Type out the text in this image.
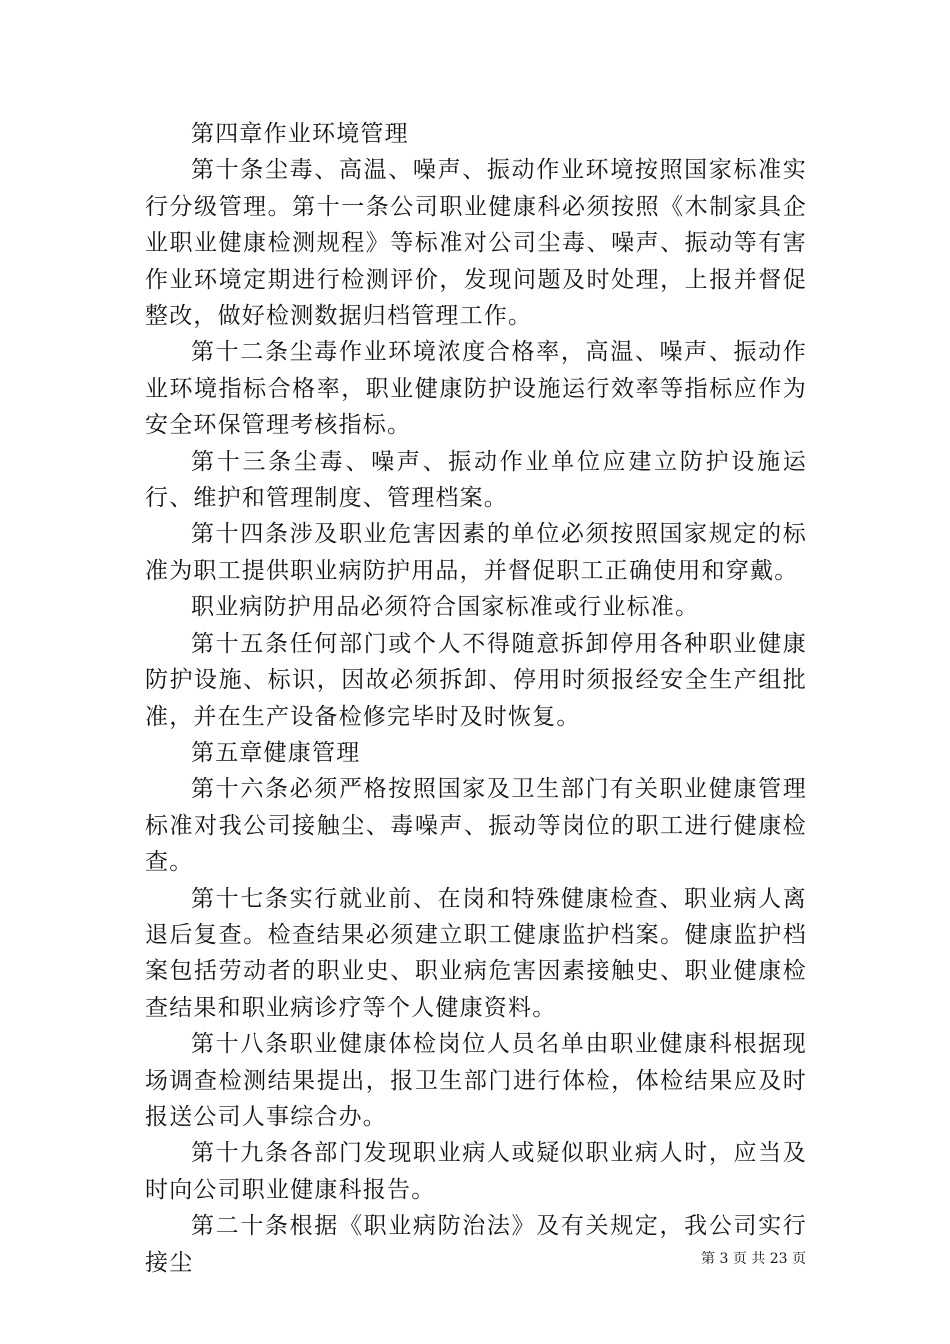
第四章作业环境管理

第十条尘毒、高温、噪声、振动作业环境按照国家标准实行分级管理。第十一条公司职业健康科必须按照《木制家具企业职业健康检测规程》等标准对公司尘毒、噪声、振动等有害作业环境定期进行检测评价，发现问题及时处理，上报并督促整改，做好检测数据归档管理工作。

第十二条尘毒作业环境浓度合格率，高温、噪声、振动作业环境指标合格率，职业健康防护设施运行效率等指标应作为安全环保管理考核指标。

第十三条尘毒、噪声、振动作业单位应建立防护设施运行、维护和管理制度、管理档案。

第十四条涉及职业危害因素的单位必须按照国家规定的标准为职工提供职业病防护用品，并督促职工正确使用和穿戴。

职业病防护用品必须符合国家标准或行业标准。

第十五条任何部门或个人不得随意拆卸停用各种职业健康防护设施、标识，因故必须拆卸、停用时须报经安全生产组批准，并在生产设备检修完毕时及时恢复。

第五章健康管理

第十六条必须严格按照国家及卫生部门有关职业健康管理标准对我公司接触尘、毒噪声、振动等岗位的职工进行健康检查。

第十七条实行就业前、在岗和特殊健康检查、职业病人离退后复查。检查结果必须建立职工健康监护档案。健康监护档案包括劳动者的职业史、职业病危害因素接触史、职业健康检查结果和职业病诊疗等个人健康资料。

第十八条职业健康体检岗位人员名单由职业健康科根据现场调查检测结果提出，报卫生部门进行体检，体检结果应及时报送公司人事综合办。

第十九条各部门发现职业病人或疑似职业病人时，应当及时向公司职业健康科报告。

第二十条根据《职业病防治法》及有关规定，我公司实行接尘	第 3 页 共 23 页
